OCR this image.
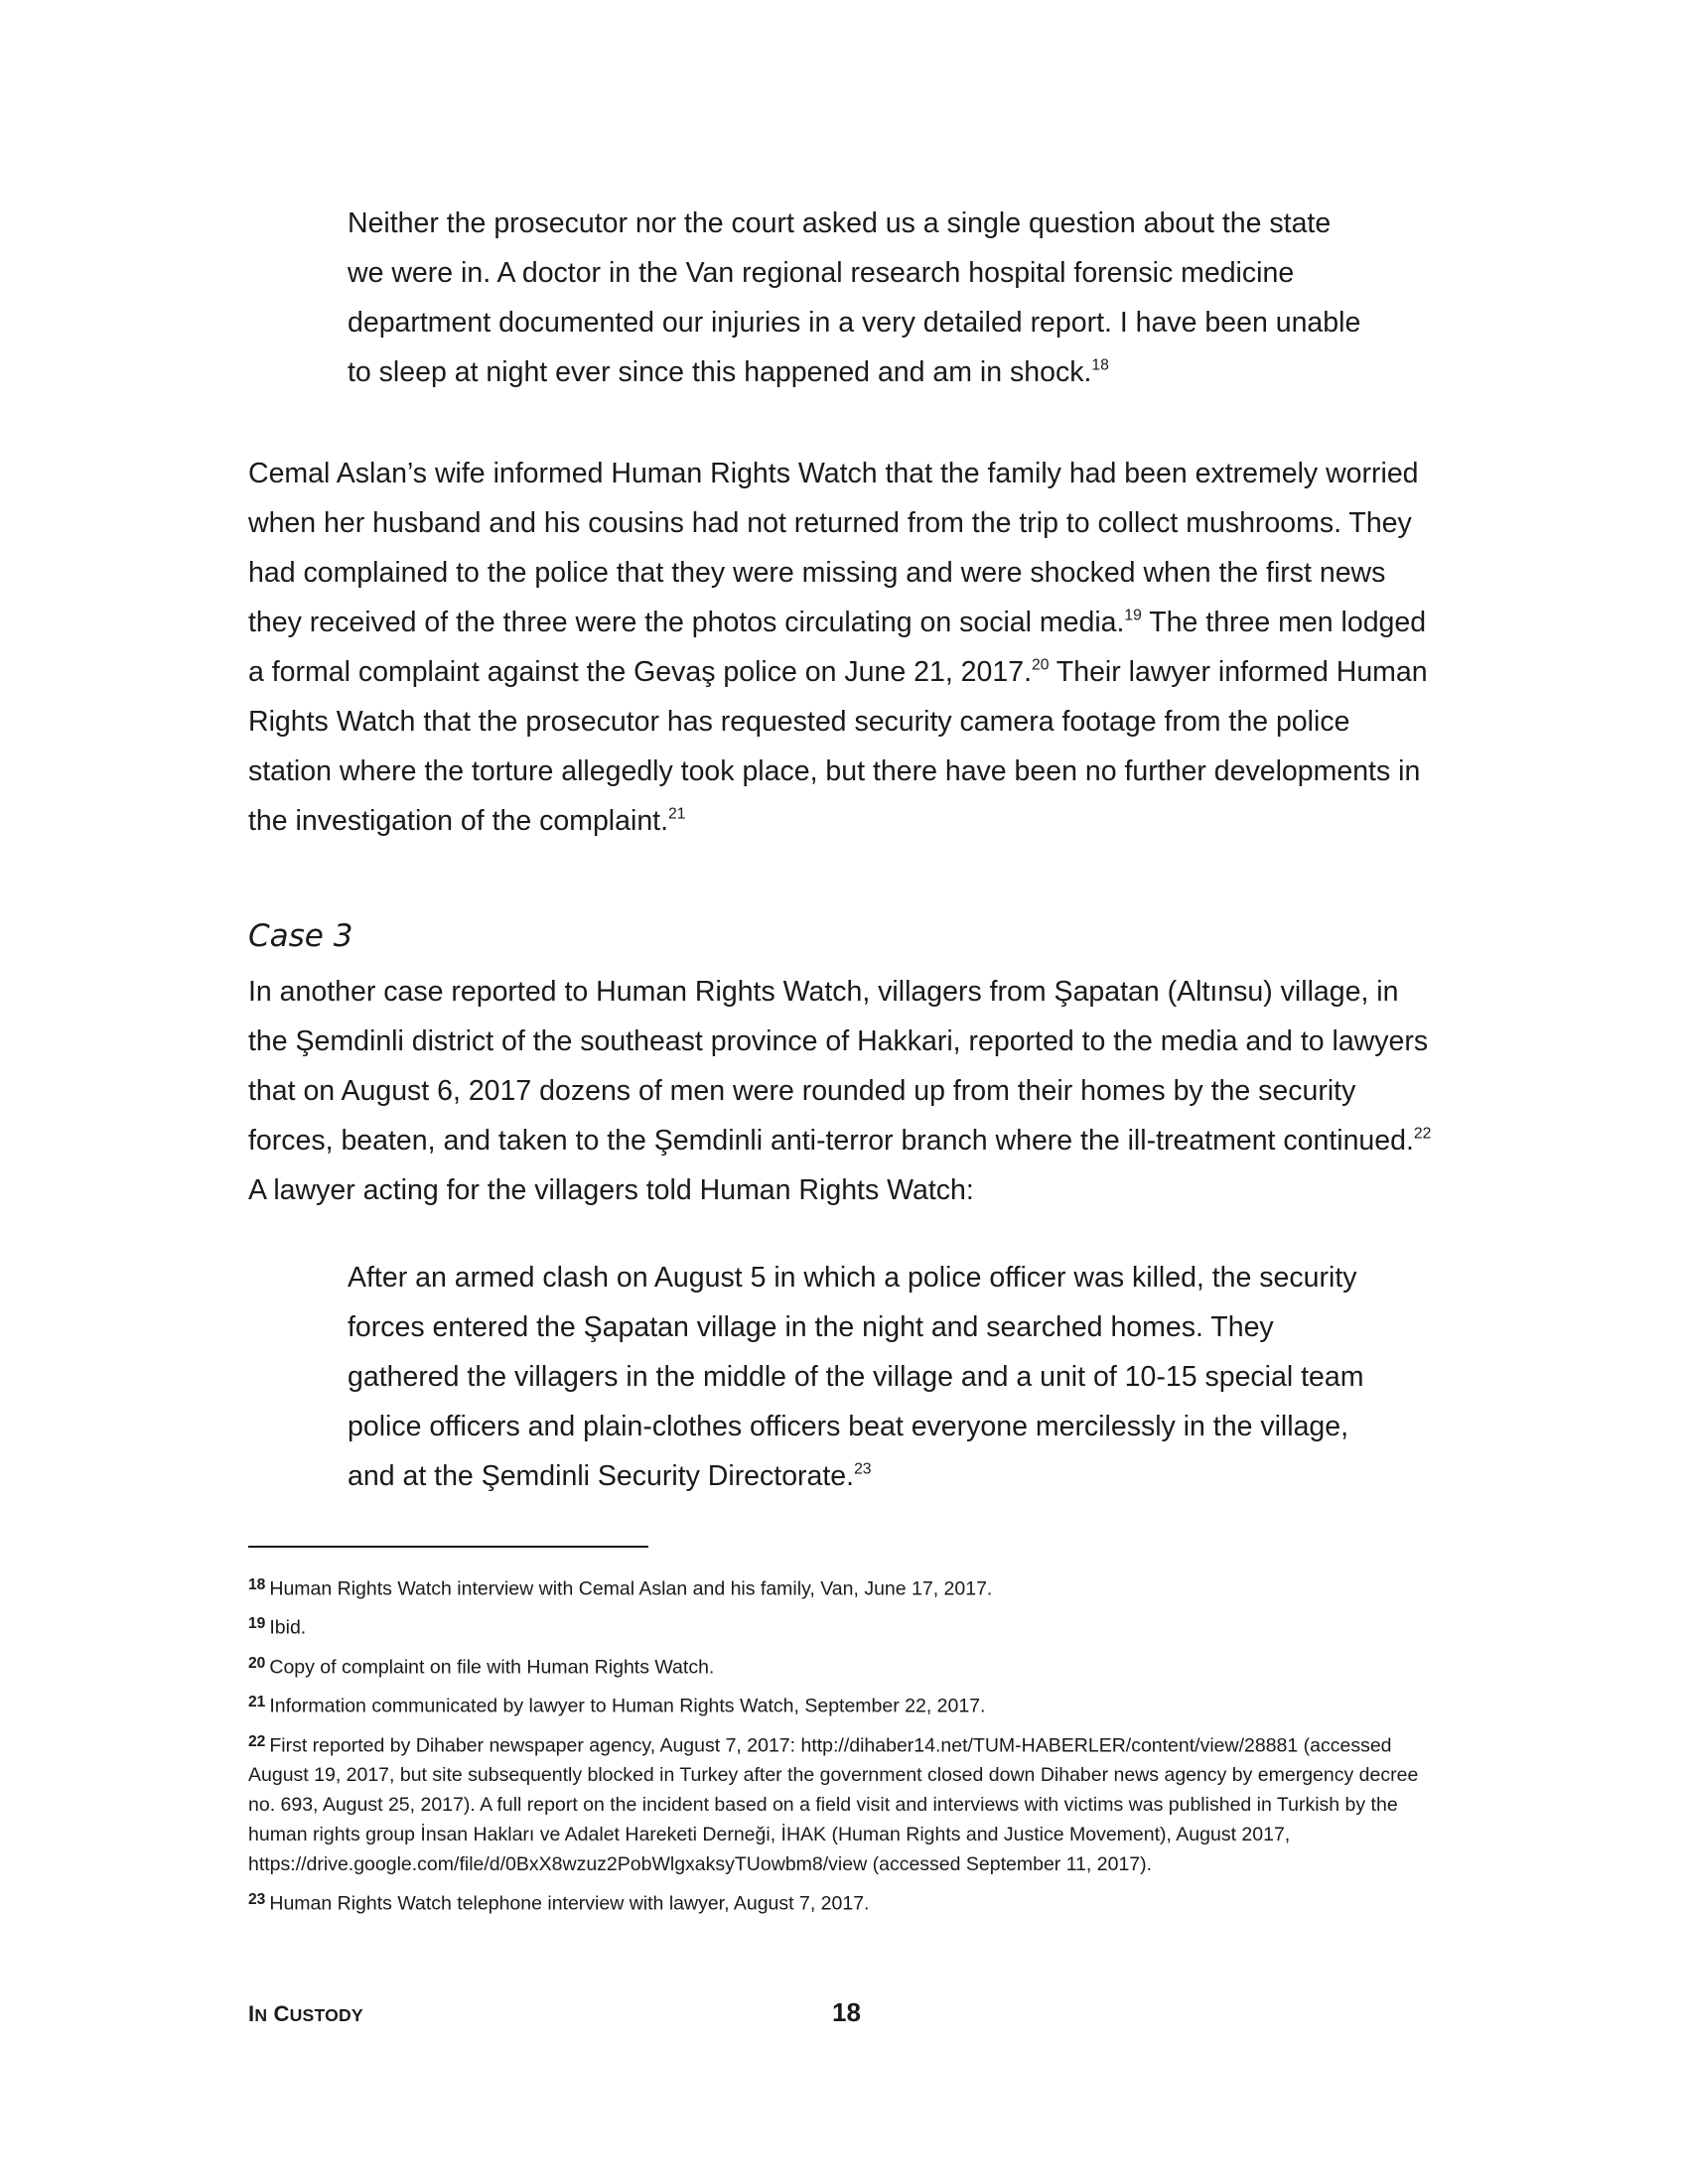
Neither the prosecutor nor the court asked us a single question about the state we were in. A doctor in the Van regional research hospital forensic medicine department documented our injuries in a very detailed report. I have been unable to sleep at night ever since this happened and am in shock.$^{18}$

Cemal Aslan’s wife informed Human Rights Watch that the family had been extremely worried when her husband and his cousins had not returned from the trip to collect mushrooms. They had complained to the police that they were missing and were shocked when the first news they received of the three were the photos circulating on social media.$^{19}$ The three men lodged a formal complaint against the Gevaş police on June 21, 2017.20 Their lawyer informed Human Rights Watch that the prosecutor has requested security camera footage from the police station where the torture allegedly took place, but there have been no further developments in the investigation of the complaint.$^{21}$

Case 3

In another case reported to Human Rights Watch, villagers from Şapatan (Altınsu) village, in the Şemdinli district of the southeast province of Hakkari, reported to the media and to lawyers that on August 6, 2017 dozens of men were rounded up from their homes by the security forces, beaten, and taken to the Şemdinli anti-terror branch where the ill-treatment continued.$^{22}$ A lawyer acting for the villagers told Human Rights Watch:

After an armed clash on August 5 in which a police officer was killed, the security forces entered the Şapatan village in the night and searched homes. They gathered the villagers in the middle of the village and a unit of 10-15 special team police officers and plain-clothes officers beat everyone mercilessly in the village, and at the Şemdinli Security Directorate.$^{23}$

$^{18}$ Human Rights Watch interview with Cemal Aslan and his family, Van, June 17, 2017.
$^{19}$ Ibid.
$^{20}$ Copy of complaint on file with Human Rights Watch.
$^{21}$ Information communicated by lawyer to Human Rights Watch, September 22, 2017.
$^{22}$ First reported by Dihaber newspaper agency, August 7, 2017: http://dihaber14.net/TUM-HABERLER/content/view/28881 (accessed August 19, 2017, but site subsequently blocked in Turkey after the government closed down Dihaber news agency by emergency decree no. 693, August 25, 2017). A full report on the incident based on a field visit and interviews with victims was published in Turkish by the human rights group İnsan Hakları ve Adalet Hareketi Derneği, İHAK (Human Rights and Justice Movement), August 2017, https://drive.google.com/file/d/0BxX8wzuz2PobWlgxaksyTUowbm8/view (accessed September 11, 2017).
$^{23}$ Human Rights Watch telephone interview with lawyer, August 7, 2017.
IN CUSTODY	18
